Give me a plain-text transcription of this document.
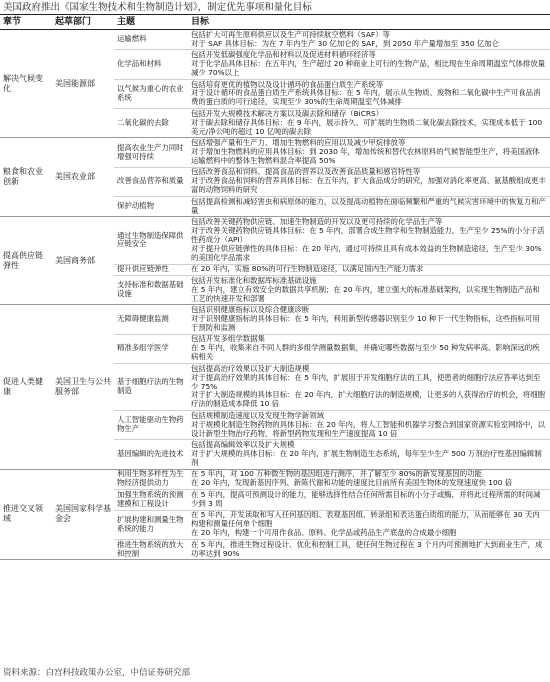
美国政府推出《国家生物技术和生物制造计划》，制定优先事项和量化目标
章节	起草部门	主题	目标
解决气候变化	美国能源部	运输燃料	包括扩大可再生原料供应以及生产可持续航空燃料（SAF）等
对于 SAF 具体目标：为在 7 年内生产 30 亿加仑的 SAF，到 2050 年产量增加至 350 亿加仑

		化学品和材料	包括开发低碳强度化学品和材料以及促进材料循环经济等
对于化学品具体目标：在五年内，生产超过 20 种商业上可行的生物产品，相比现在生命周期温室气体排放量减少 70%以上

		以气候为重心的农业系统	包括培育更优的植物以及设计循环的食品蛋白质生产系统等
对于设计循环的食品蛋白质生产系统具体目标：在 5 年内，展示从生物质、废物和二氧化碳中生产可食品消费的蛋白质的可行途径，实现至少 30%的生命周期温室气体减排

		二氧化碳的去除	包括开发大规模技术解决方案以及碳去除和储存（BiCRS）
对于碳去除和储存具体目标：在 9 年内，展示持久、可扩展的生物质二氧化碳去除技术，实现成本低于 100 美元/净公吨的超过 10 亿吨的碳去除

粮食和农业创新	美国农业部	提高农业生产力同时增强可持续	包括增强产量和生产力、增加生物燃料的应用以及减少甲烷排放等
对于增加生物燃料的应用具体目标：到 2030 年，增加传统和替代农林原料的气候智能型生产，将美国液体运输燃料中的整体生物燃料混合率提高 50%

		改善食品营养和质量	包括改善食品和饲料、提高食品的营养以及改善食品质量和感官特性等
对于改善食品和饲料的营养具体目标：在五年内，扩大食品成分的研究，加强对消化率更高、氨基酸组成更丰富的动物饲料的研究

		保护动植物	包括提高检测和减轻害虫和病原体的能力，以及提高动植物在面临频繁和严重的气候灾害环境中的恢复力和产量

提高供应链弹性	美国商务部	通过生物制造保障供应链安全	包括改善关键药物供应链、加速生物制造的开发以及更可持续的化学品生产等
对于改善关键药物供应链具体目标：在 5 年内，部署合成生物学和生物制造能力，生产至少 25%的小分子活性药成分（API）
对于提升供应链弹性的具体目标：在 20 年内，通过可持续且具有成本效益的生物制造途径，生产至少 30%的美国化学品需求

		提升供应链弹性	在 20 年内，实施 80%的可行生物制造途径，以满足国内生产能力需求

		支持标准和数据基础设施	包括开发标准化和数据库标准基础设施
在 5 年内，建立有效安全的数据共享机制；在 20 年内，建立强大的标准基础架构，以实现生物制造产品和工艺的快速开发和部署

促进人类健康	美国卫生与公共服务部	无障碍健康监测	包括识别健康指标以及综合健康诊断
对于识别健康指标的具体目标：在 5 年内，利用新型传感器识别至少 10 种下一代生物指标，这些指标可用于预防和监测

		精准多组学医学	包括开发多组学数据集
在 5 年内，收集来自不同人群的多组学测量数据集，并确定哪些数据与至少 50 种发病率高、影响深远的疾病相关

		基于细胞疗法的生物制造	包括提高治疗效果以及扩大制造规模
对于提高治疗效果的具体目标：在 5 年内，扩展用于开发细胞疗法的工具，使患者的细胞疗法应答率达到至少 75%
对于扩大制造规模的具体目标：在 20 年内，扩大细胞疗法的制造规模，让更多的人获得治疗的机会，将细胞疗法的制造成本降低 10 倍

		人工智能驱动生物药物生产	包括规模制造速度以及发现生物学新领域
对于规模化制造生物药物的具体目标：在 20 年内，将人工智能和机器学习整合到国家资源实验室网络中，以设计新型生物治疗药物，将新型药物发现和生产速度提高 10 倍

		基因编辑的先进技术	包括提高编辑效率以及扩大规模
对于扩大规模的具体目标：在 20 年内，扩展生物制造生态系统，每年至少生产 500 万剂治疗性基因编辑制剂

推进交叉领域	美国国家科学基金会	利用生物多样性为生物经济提供动力	在 5 年内，对 100 万种微生物的基因组进行测序，并了解至少 80%的新发现基因的功能
在 20 年内，发现新基因序列、新陈代谢和功能的速度比目前所有美国生物体的发现速度快 100 倍

		加强生物系统的预测建模和工程设计	在 5 年内，提高可预测设计的能力，能够选择性结合任何所需目标的小分子或酶，并将此过程所需的时间减少到 3 周

		扩展构建和测量生物系统的能力	在 5 年内，开发读取和写入任何基因组、表观基因组、转录组和表达蛋白质组的能力，从而能够在 30 天内构建和测量任何单个细胞
在 20 年内，构建一个可用作食品、原料、化学品或药品生产底盘的合成最小细胞

		推进生物系统的放大和控制	在 5 年内，推进生物过程设计、优化和控制工具，使任何生物过程在 3 个月内可预测地扩大到商业生产，成功率达到 90%
资料来源：白宫科技政策办公室，中信证券研究部
